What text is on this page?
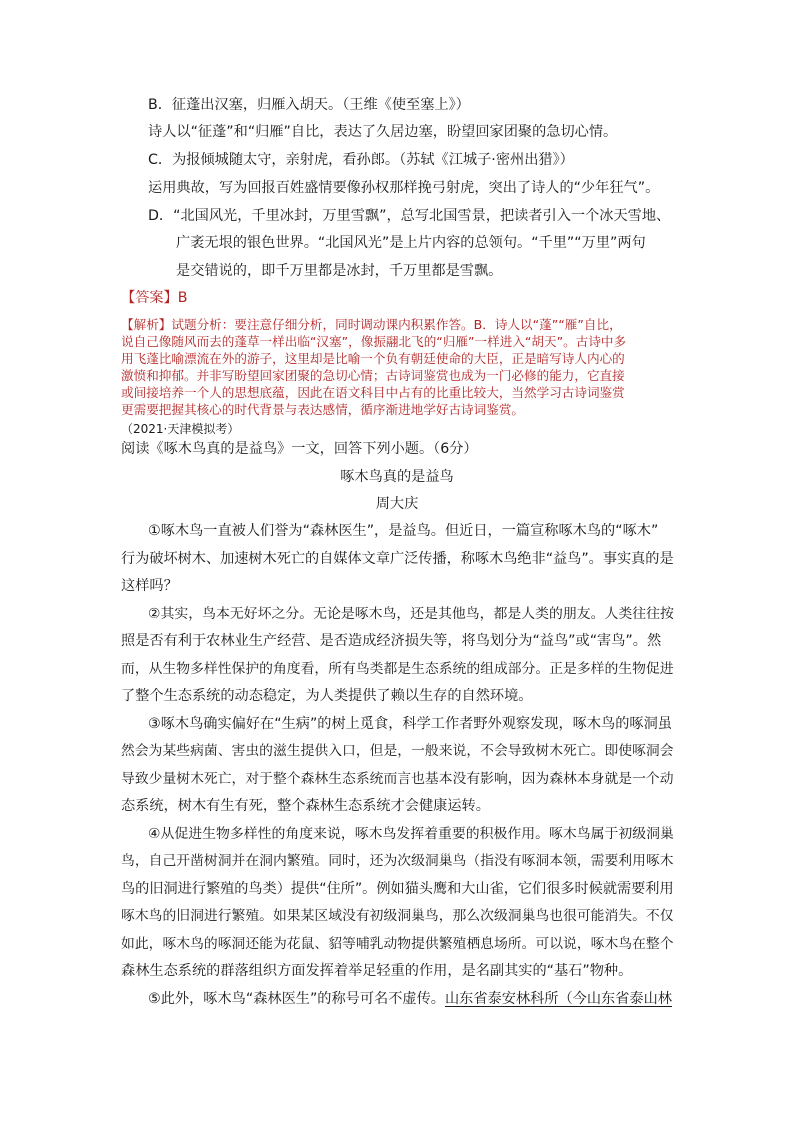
B．征蓬出汉塞，归雁入胡天。（王维《使至塞上》）
诗人以“征蓬”和“归雁”自比，表达了久居边塞，盼望回家团聚的急切心情。
C．为报倾城随太守，亲射虎，看孙郎。（苏轼《江城子·密州出猎》）
运用典故，写为回报百姓盛情要像孙权那样挽弓射虎，突出了诗人的“少年狂气”。
D．“北国风光，千里冰封，万里雪飘”，总写北国雪景，把读者引入一个冰天雪地、
广袤无垠的银色世界。“北国风光”是上片内容的总领句。“千里”“万里”两句
是交错说的，即千万里都是冰封，千万里都是雪飘。
【答案】B
【解析】试题分析：要注意仔细分析，同时调动课内积累作答。B．诗人以“蓬”“雁”自比，
说自己像随风而去的蓬草一样出临“汉塞”，像振翮北飞的“归雁”一样进入“胡天”。古诗中多
用飞蓬比喻漂流在外的游子，这里却是比喻一个负有朝廷使命的大臣，正是暗写诗人内心的
激愤和抑郁。并非写盼望回家团聚的急切心情；古诗词鉴赏也成为一门必修的能力，它直接
或间接培养一个人的思想底蕴，因此在语文科目中占有的比重比较大，当然学习古诗词鉴赏
更需要把握其核心的时代背景与表达感情，循序渐进地学好古诗词鉴赏。
（2021·天津模拟考）
阅读《啄木鸟真的是益鸟》一文，回答下列小题。（6分）
啄木鸟真的是益鸟
周大庆
①啄木鸟一直被人们誉为“森林医生”，是益鸟。但近日，一篇宣称啄木鸟的“啄木”
行为破坏树木、加速树木死亡的自媒体文章广泛传播，称啄木鸟绝非“益鸟”。事实真的是
这样吗？
②其实，鸟本无好坏之分。无论是啄木鸟，还是其他鸟，都是人类的朋友。人类往往按
照是否有利于农林业生产经营、是否造成经济损失等，将鸟划分为“益鸟”或“害鸟”。然
而，从生物多样性保护的角度看，所有鸟类都是生态系统的组成部分。正是多样的生物促进
了整个生态系统的动态稳定，为人类提供了赖以生存的自然环境。
③啄木鸟确实偏好在“生病”的树上觅食，科学工作者野外观察发现，啄木鸟的啄洞虽
然会为某些病菌、害虫的滋生提供入口，但是，一般来说，不会导致树木死亡。即使啄洞会
导致少量树木死亡，对于整个森林生态系统而言也基本没有影响，因为森林本身就是一个动
态系统，树木有生有死，整个森林生态系统才会健康运转。
④从促进生物多样性的角度来说，啄木鸟发挥着重要的积极作用。啄木鸟属于初级洞巢
鸟，自己开凿树洞并在洞内繁殖。同时，还为次级洞巢鸟（指没有啄洞本领，需要利用啄木
鸟的旧洞进行繁殖的鸟类）提供“住所”。例如猫头鹰和大山雀，它们很多时候就需要利用
啄木鸟的旧洞进行繁殖。如果某区域没有初级洞巢鸟，那么次级洞巢鸟也很可能消失。不仅
如此，啄木鸟的啄洞还能为花鼠、貂等哺乳动物提供繁殖栖息场所。可以说，啄木鸟在整个
森林生态系统的群落组织方面发挥着举足轻重的作用，是名副其实的“基石”物种。
⑤此外，啄木鸟“森林医生”的称号可名不虚传。山东省泰安林科所（今山东省泰山林
